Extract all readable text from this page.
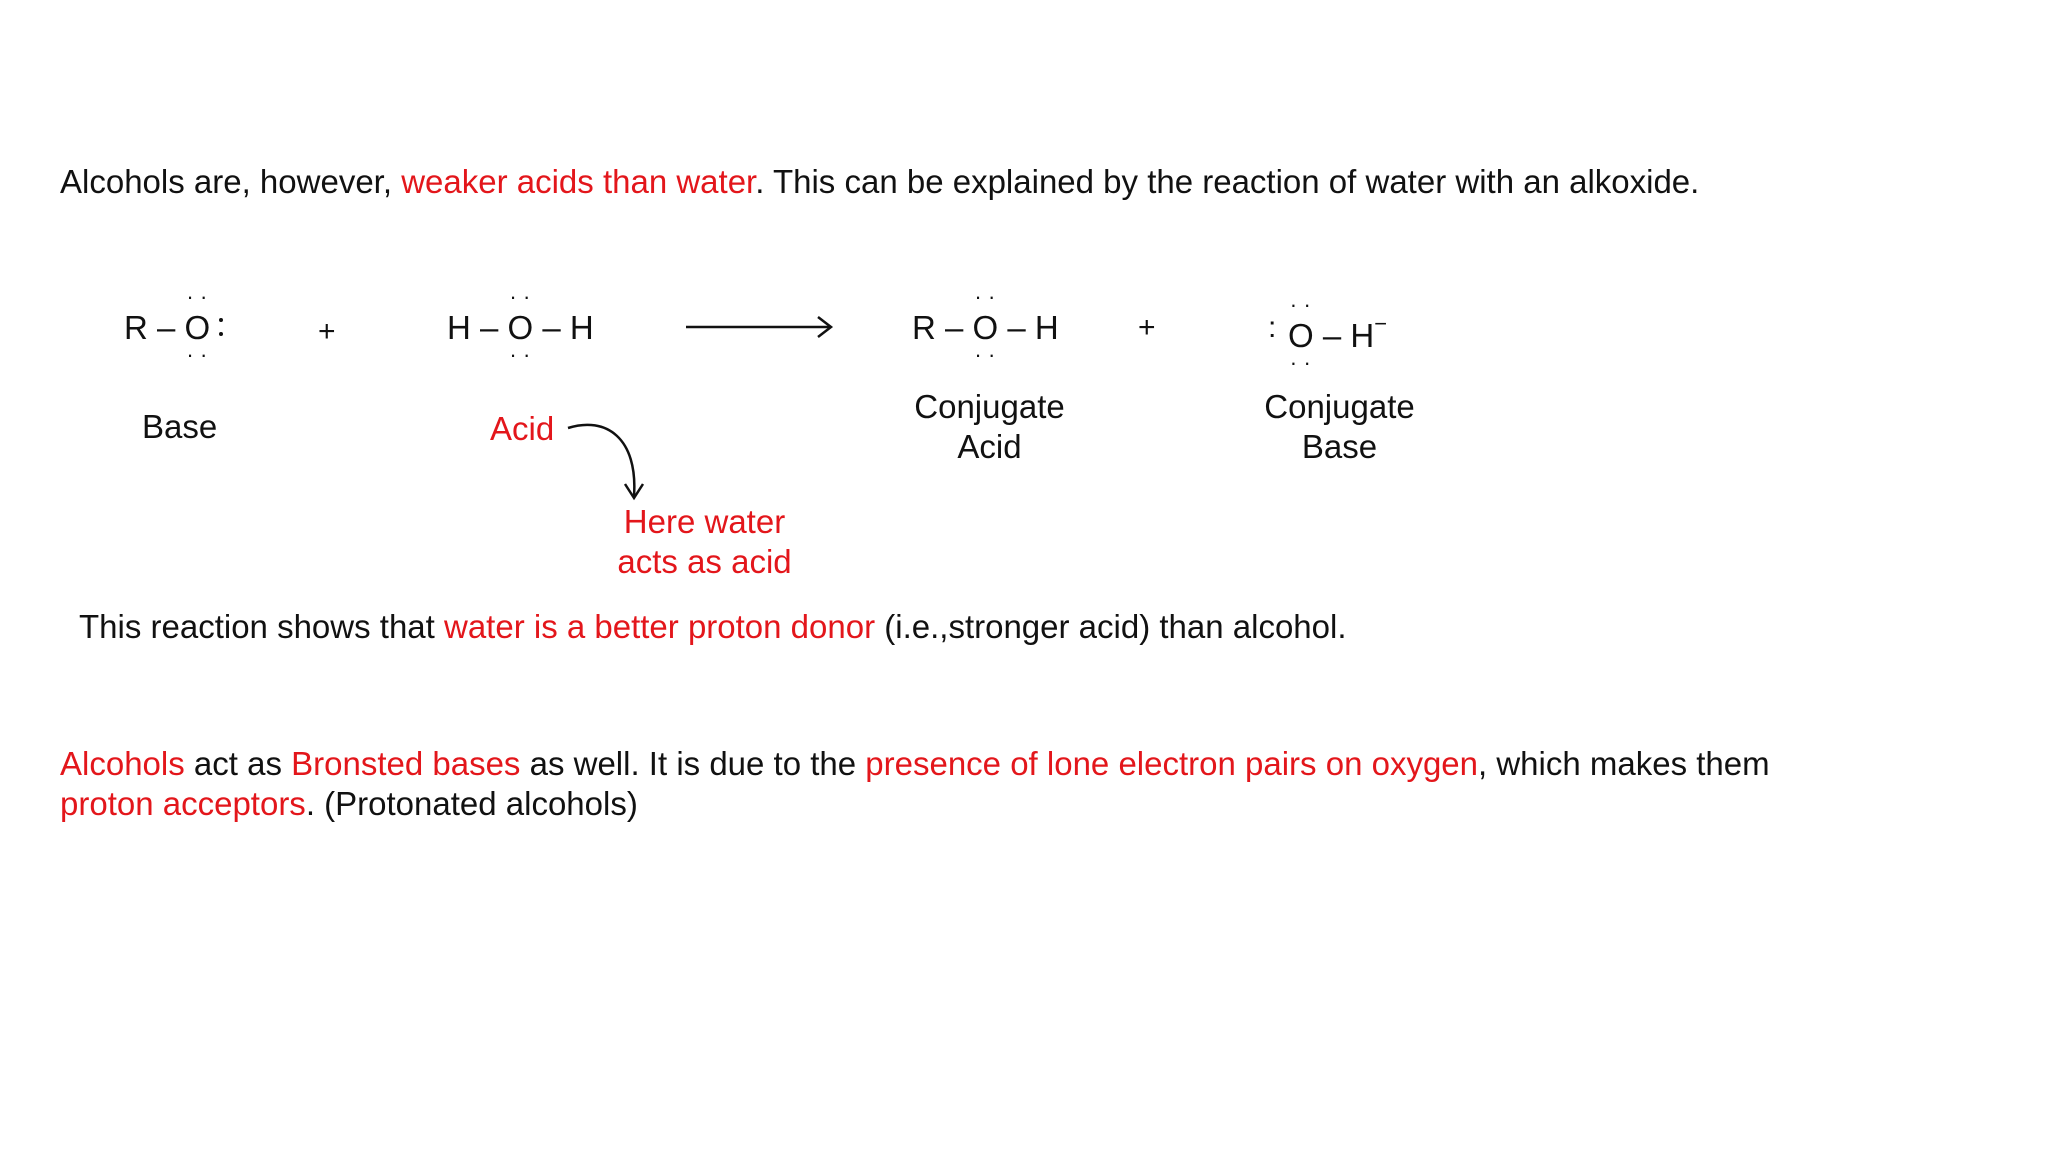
Alcohols are, however, weaker acids than water. This can be explained by the reaction of water with an alkoxide.
R – · · O · ·	+	H – · · O · · – H	R – · · O · · – H	+	: · · O · · – H−
Base	Acid
Conjugate
Acid
Conjugate
Base
Here water
acts as acid
This reaction shows that water is a better proton donor (i.e.,stronger acid) than alcohol.
Alcohols act as Bronsted bases as well. It is due to the presence of lone electron pairs on oxygen, which makes them
proton acceptors. (Protonated alcohols)
